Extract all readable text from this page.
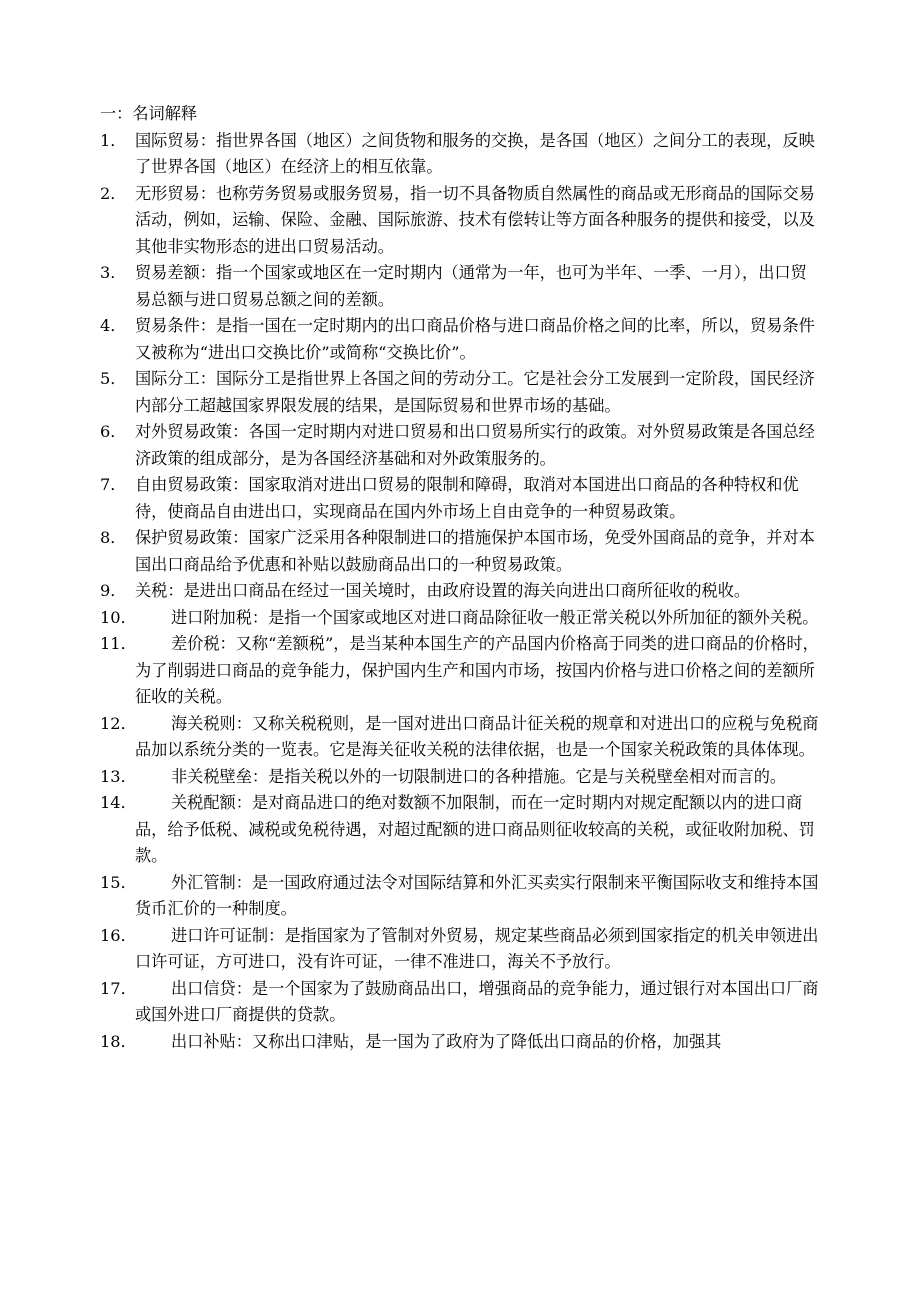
一：名词解释

1． 国际贸易：指世界各国（地区）之间货物和服务的交换，是各国（地区）之间分工的表现，反映了世界各国（地区）在经济上的相互依靠。
2． 无形贸易：也称劳务贸易或服务贸易，指一切不具备物质自然属性的商品或无形商品的国际交易活动，例如，运输、保险、金融、国际旅游、技术有偿转让等方面各种服务的提供和接受，以及其他非实物形态的进出口贸易活动。
3． 贸易差额：指一个国家或地区在一定时期内（通常为一年，也可为半年、一季、一月），出口贸易总额与进口贸易总额之间的差额。
4． 贸易条件：是指一国在一定时期内的出口商品价格与进口商品价格之间的比率，所以，贸易条件又被称为“进出口交换比价”或简称“交换比价”。
5． 国际分工：国际分工是指世界上各国之间的劳动分工。它是社会分工发展到一定阶段，国民经济内部分工超越国家界限发展的结果，是国际贸易和世界市场的基础。
6． 对外贸易政策：各国一定时期内对进口贸易和出口贸易所实行的政策。对外贸易政策是各国总经济政策的组成部分，是为各国经济基础和对外政策服务的。
7． 自由贸易政策：国家取消对进出口贸易的限制和障碍，取消对本国进出口商品的各种特权和优待，使商品自由进出口，实现商品在国内外市场上自由竞争的一种贸易政策。
8． 保护贸易政策：国家广泛采用各种限制进口的措施保护本国市场，免受外国商品的竞争，并对本国出口商品给予优惠和补贴以鼓励商品出口的一种贸易政策。
9． 关税：是进出口商品在经过一国关境时，由政府设置的海关向进出口商所征收的税收。
10．	进口附加税：是指一个国家或地区对进口商品除征收一般正常关税以外所加征的额外关税。
11．	差价税：又称“差额税”，是当某种本国生产的产品国内价格高于同类的进口商品的价格时，为了削弱进口商品的竞争能力，保护国内生产和国内市场，按国内价格与进口价格之间的差额所征收的关税。
12．	海关税则：又称关税税则，是一国对进出口商品计征关税的规章和对进出口的应税与免税商品加以系统分类的一览表。它是海关征收关税的法律依据，也是一个国家关税政策的具体体现。
13．	非关税壁垒：是指关税以外的一切限制进口的各种措施。它是与关税壁垒相对而言的。
14．	关税配额：是对商品进口的绝对数额不加限制，而在一定时期内对规定配额以内的进口商品，给予低税、减税或免税待遇，对超过配额的进口商品则征收较高的关税，或征收附加税、罚款。
15．	外汇管制：是一国政府通过法令对国际结算和外汇买卖实行限制来平衡国际收支和维持本国货币汇价的一种制度。
16．	进口许可证制：是指国家为了管制对外贸易，规定某些商品必须到国家指定的机关申领进出口许可证，方可进口，没有许可证，一律不准进口，海关不予放行。
17．	出口信贷：是一个国家为了鼓励商品出口，增强商品的竞争能力，通过银行对本国出口厂商或国外进口厂商提供的贷款。
18．	出口补贴：又称出口津贴，是一国为了政府为了降低出口商品的价格，加强其
